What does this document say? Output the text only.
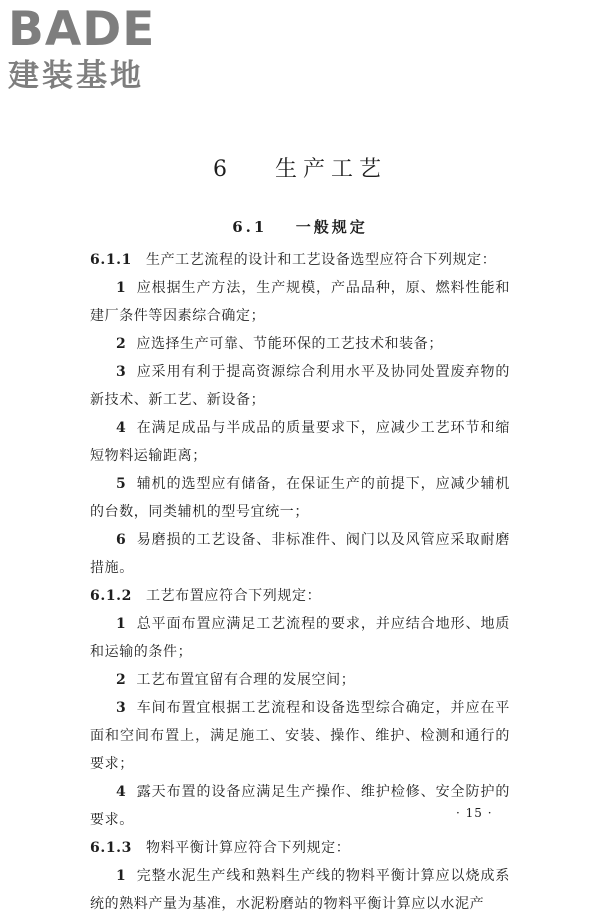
BADE
建装基地
6 生产工艺
6.1 一般规定

6.1.1 生产工艺流程的设计和工艺设备选型应符合下列规定：

1 应根据生产方法，生产规模，产品品种，原、燃料性能和建厂条件等因素综合确定；

2 应选择生产可靠、节能环保的工艺技术和装备；

3 应采用有利于提高资源综合利用水平及协同处置废弃物的新技术、新工艺、新设备；

4 在满足成品与半成品的质量要求下，应减少工艺环节和缩短物料运输距离；

5 辅机的选型应有储备，在保证生产的前提下，应减少辅机的台数，同类辅机的型号宜统一；

6 易磨损的工艺设备、非标准件、阀门以及风管应采取耐磨措施。

6.1.2 工艺布置应符合下列规定：

1 总平面布置应满足工艺流程的要求，并应结合地形、地质和运输的条件；

2 工艺布置宜留有合理的发展空间；

3 车间布置宜根据工艺流程和设备选型综合确定，并应在平面和空间布置上，满足施工、安装、操作、维护、检测和通行的要求；

4 露天布置的设备应满足生产操作、维护检修、安全防护的要求。

6.1.3 物料平衡计算应符合下列规定：

1 完整水泥生产线和熟料生产线的物料平衡计算应以烧成系统的熟料产量为基准，水泥粉磨站的物料平衡计算应以水泥产

· 15 ·
